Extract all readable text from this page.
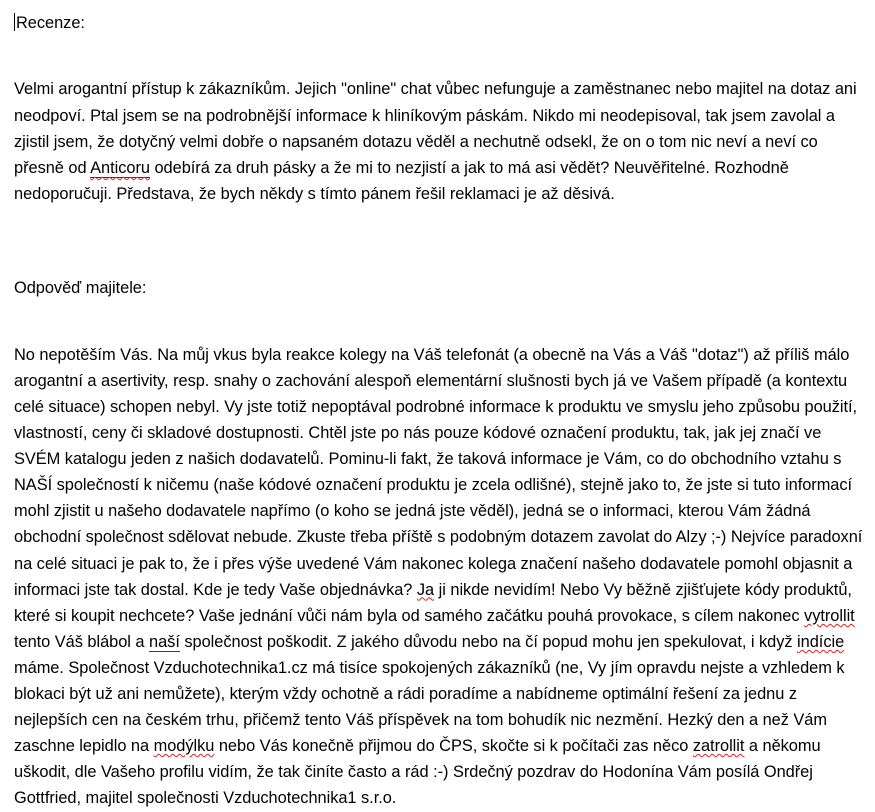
Recenze:

Velmi arogantní přístup k zákazníkům. Jejich "online" chat vůbec nefunguje a zaměstnanec nebo majitel na dotaz ani neodpoví. Ptal jsem se na podrobnější informace k hliníkovým páskám. Nikdo mi neodepisoval, tak jsem zavolal a zjistil jsem, že dotyčný velmi dobře o napsaném dotazu věděl a nechutně odsekl, že on o tom nic neví a neví co přesně od Anticoru odebírá za druh pásky a že mi to nezjistí a jak to má asi vědět? Neuvěřitelné. Rozhodně nedoporučuji. Představa, že bych někdy s tímto pánem řešil reklamaci je až děsivá.

Odpověď majitele:

No nepotěším Vás. Na můj vkus byla reakce kolegy na Váš telefonát (a obecně na Vás a Váš "dotaz") až příliš málo arogantní a asertivity, resp. snahy o zachování alespoň elementární slušnosti bych já ve Vašem případě (a kontextu celé situace) schopen nebyl. Vy jste totiž nepoptával podrobné informace k produktu ve smyslu jeho způsobu použití, vlastností, ceny či skladové dostupnosti. Chtěl jste po nás pouze kódové označení produktu, tak, jak jej značí ve SVÉM katalogu jeden z našich dodavatelů. Pominu-li fakt, že taková informace je Vám, co do obchodního vztahu s NAŠÍ společností k ničemu (naše kódové označení produktu je zcela odlišné), stejně jako to, že jste si tuto informací mohl zjistit u našeho dodavatele napřímo (o koho se jedná jste věděl), jedná se o informaci, kterou Vám žádná obchodní společnost sdělovat nebude. Zkuste třeba příště s podobným dotazem zavolat do Alzy ;-) Nejvíce paradoxní na celé situaci je pak to, že i přes výše uvedené Vám nakonec kolega značení našeho dodavatele pomohl objasnit a informaci jste tak dostal. Kde je tedy Vaše objednávka? Ja ji nikde nevidím! Nebo Vy běžně zjišťujete kódy produktů, které si koupit nechcete? Vaše jednání vůči nám byla od samého začátku pouhá provokace, s cílem nakonec vytrollit tento Váš blábol a naší společnost poškodit. Z jakého důvodu nebo na čí popud mohu jen spekulovat, i když indície máme. Společnost Vzduchotechnika1.cz má tisíce spokojených zákazníků (ne, Vy jím opravdu nejste a vzhledem k blokaci být už ani nemůžete), kterým vždy ochotně a rádi poradíme a nabídneme optimální řešení za jednu z nejlepších cen na českém trhu, přičemž tento Váš příspěvek na tom bohudík nic nezmění. Hezký den a než Vám zaschne lepidlo na modýlku nebo Vás konečně přijmou do ČPS, skočte si k počítači zas něco zatrollit a někomu uškodit, dle Vašeho profilu vidím, že tak činíte často a rád :-) Srdečný pozdrav do Hodonína Vám posílá Ondřej Gottfried, majitel společnosti Vzduchotechnika1 s.r.o.
